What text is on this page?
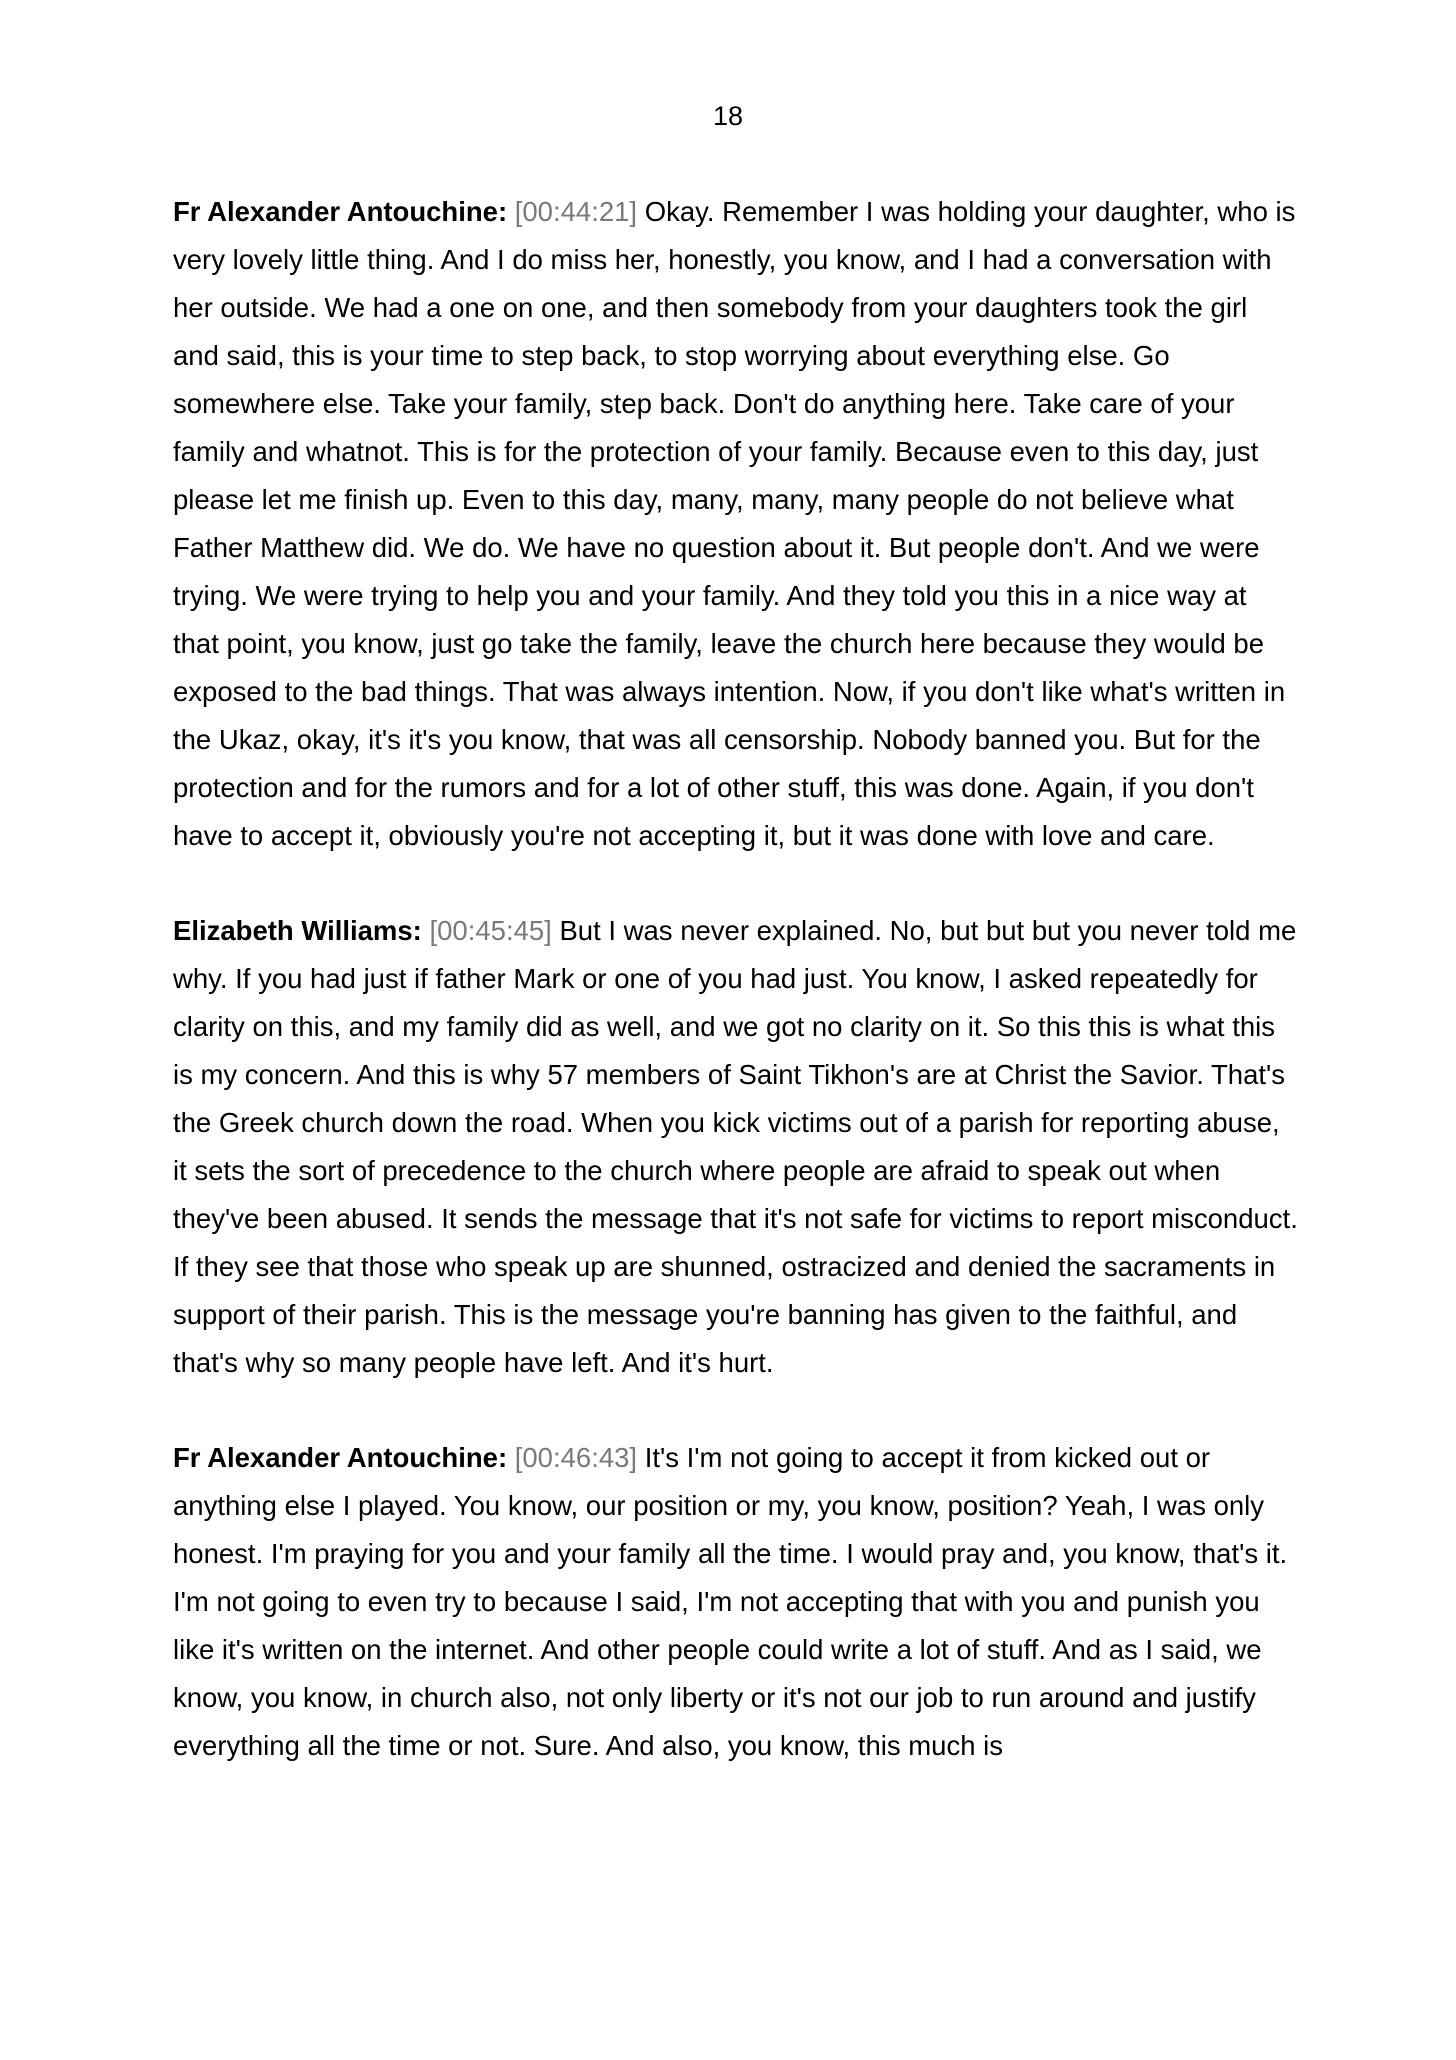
18

Fr Alexander Antouchine: [00:44:21] Okay. Remember I was holding your daughter, who is very lovely little thing. And I do miss her, honestly, you know, and I had a conversation with her outside. We had a one on one, and then somebody from your daughters took the girl and said, this is your time to step back, to stop worrying about everything else. Go somewhere else. Take your family, step back. Don't do anything here. Take care of your family and whatnot. This is for the protection of your family. Because even to this day, just please let me finish up. Even to this day, many, many, many people do not believe what Father Matthew did. We do. We have no question about it. But people don't. And we were trying. We were trying to help you and your family. And they told you this in a nice way at that point, you know, just go take the family, leave the church here because they would be exposed to the bad things. That was always intention. Now, if you don't like what's written in the Ukaz, okay, it's it's you know, that was all censorship. Nobody banned you. But for the protection and for the rumors and for a lot of other stuff, this was done. Again, if you don't have to accept it, obviously you're not accepting it, but it was done with love and care.

Elizabeth Williams: [00:45:45] But I was never explained. No, but but but you never told me why. If you had just if father Mark or one of you had just. You know, I asked repeatedly for clarity on this, and my family did as well, and we got no clarity on it. So this this is what this is my concern. And this is why 57 members of Saint Tikhon's are at Christ the Savior. That's the Greek church down the road. When you kick victims out of a parish for reporting abuse, it sets the sort of precedence to the church where people are afraid to speak out when they've been abused. It sends the message that it's not safe for victims to report misconduct. If they see that those who speak up are shunned, ostracized and denied the sacraments in support of their parish. This is the message you're banning has given to the faithful, and that's why so many people have left. And it's hurt.

Fr Alexander Antouchine: [00:46:43] It's I'm not going to accept it from kicked out or anything else I played. You know, our position or my, you know, position? Yeah, I was only honest. I'm praying for you and your family all the time. I would pray and, you know, that's it. I'm not going to even try to because I said, I'm not accepting that with you and punish you like it's written on the internet. And other people could write a lot of stuff. And as I said, we know, you know, in church also, not only liberty or it's not our job to run around and justify everything all the time or not. Sure. And also, you know, this much is
